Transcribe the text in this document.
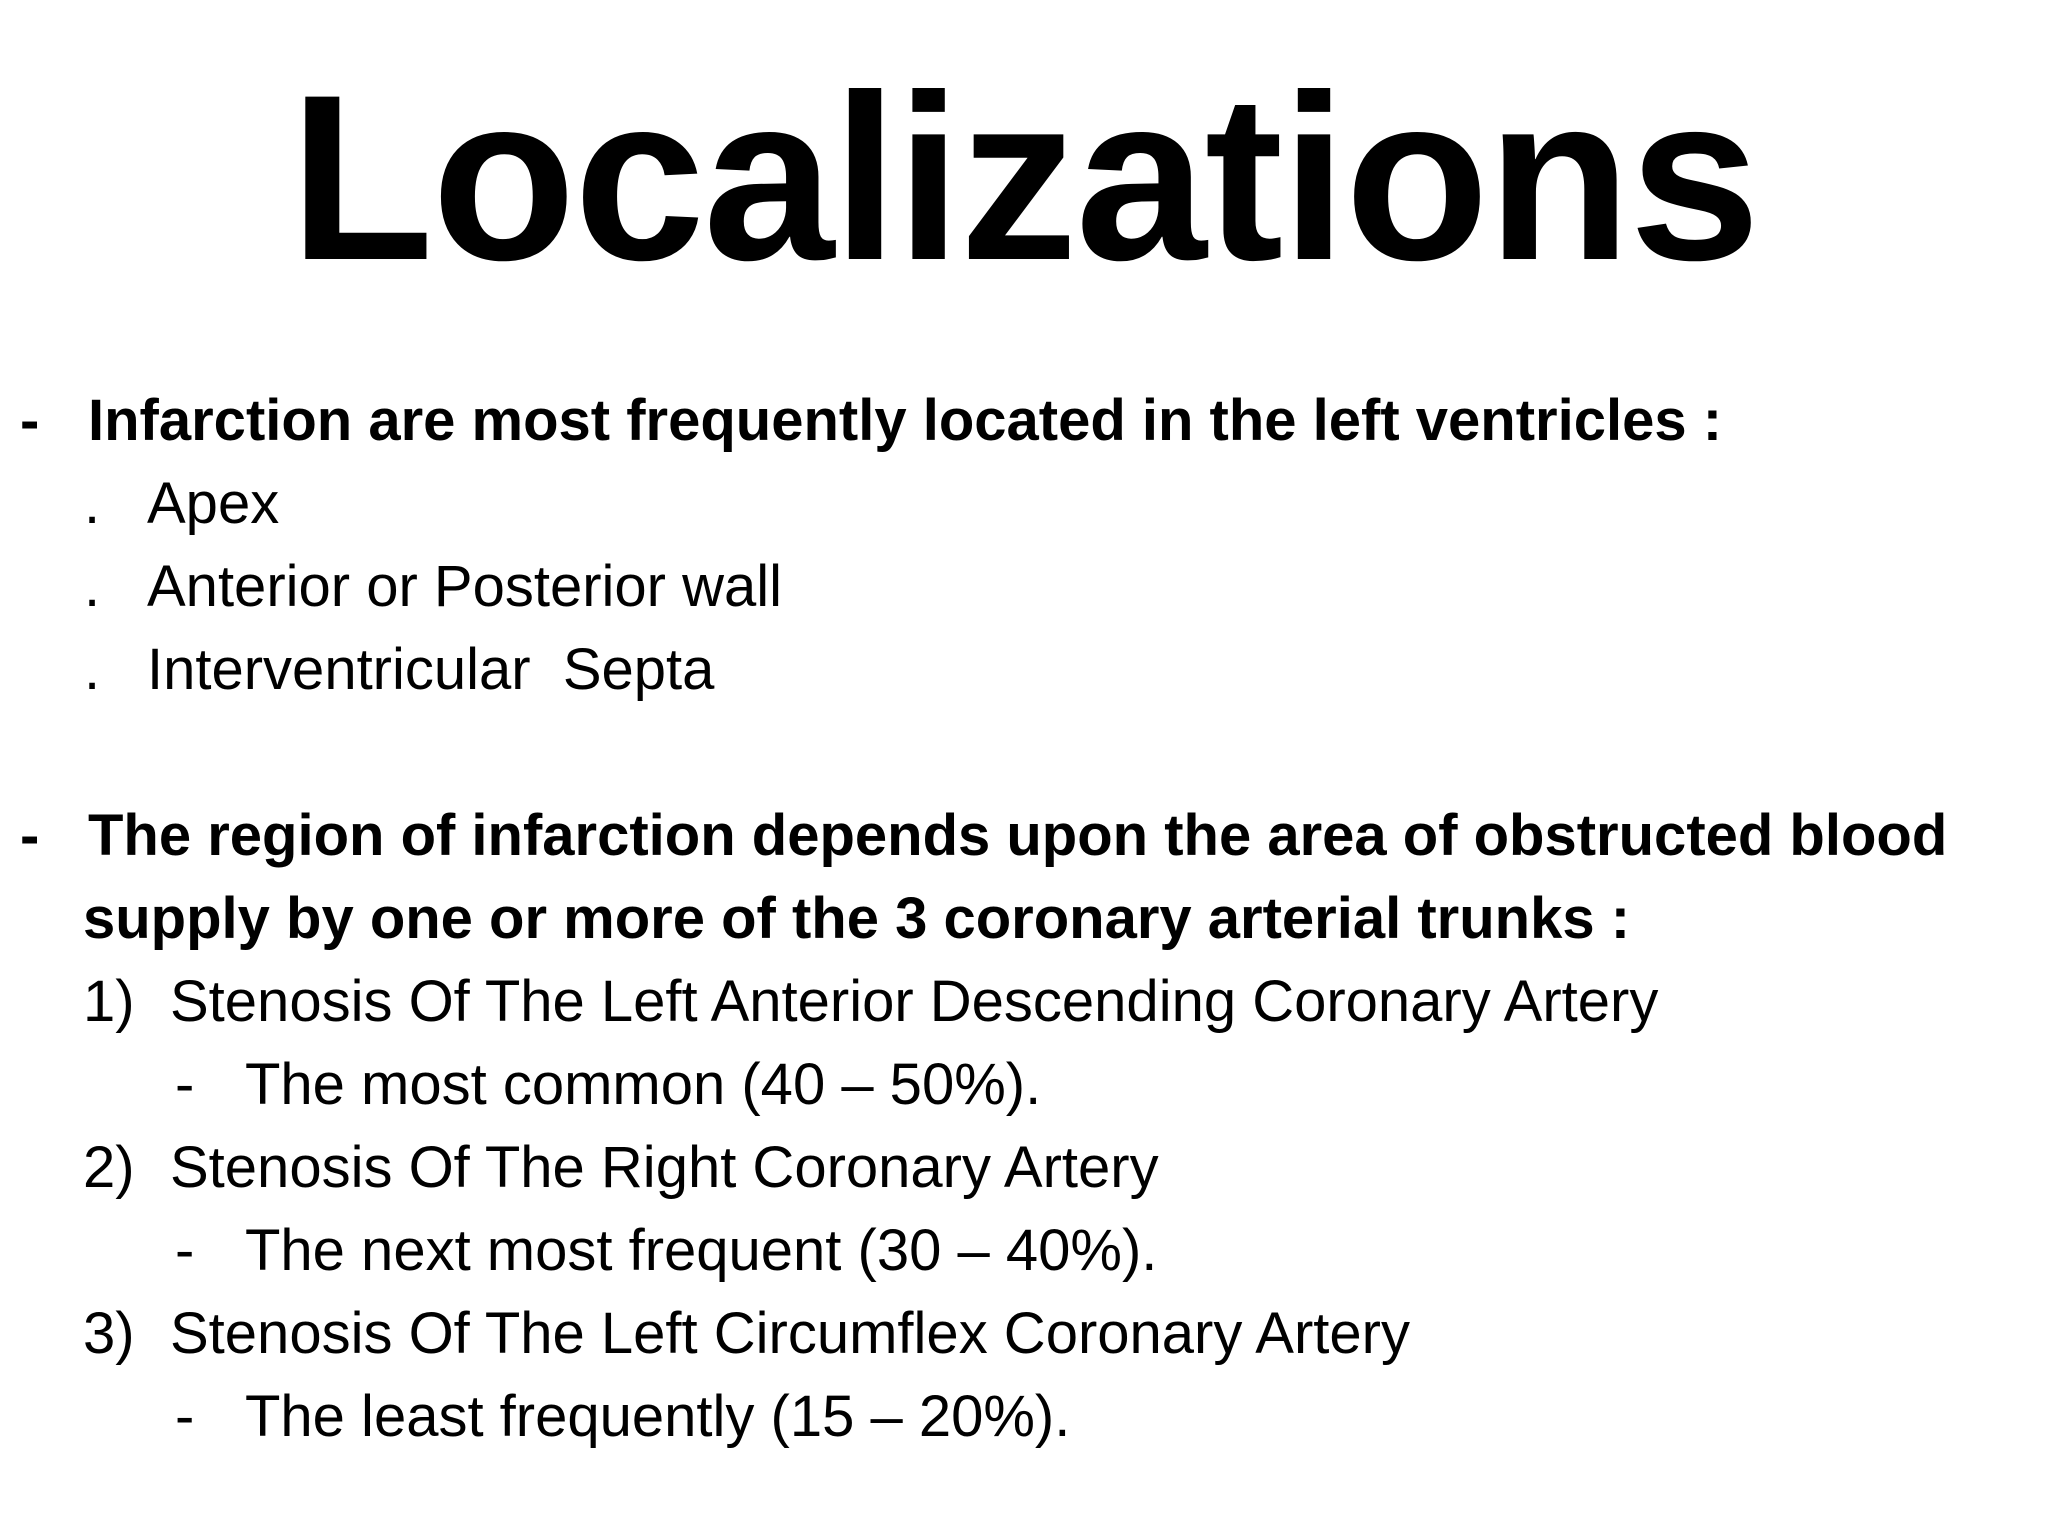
Localizations
- Infarction are most frequently located in the left ventricles :
. Apex
. Anterior or Posterior wall
. Interventricular  Septa
- The region of infarction depends upon the area of obstructed blood
supply by one or more of the 3 coronary arterial trunks :
1) Stenosis Of The Left Anterior Descending Coronary Artery
- The most common (40 – 50%).
2) Stenosis Of The Right Coronary Artery
- The next most frequent (30 – 40%).
3) Stenosis Of The Left Circumflex Coronary Artery
- The least frequently (15 – 20%).
